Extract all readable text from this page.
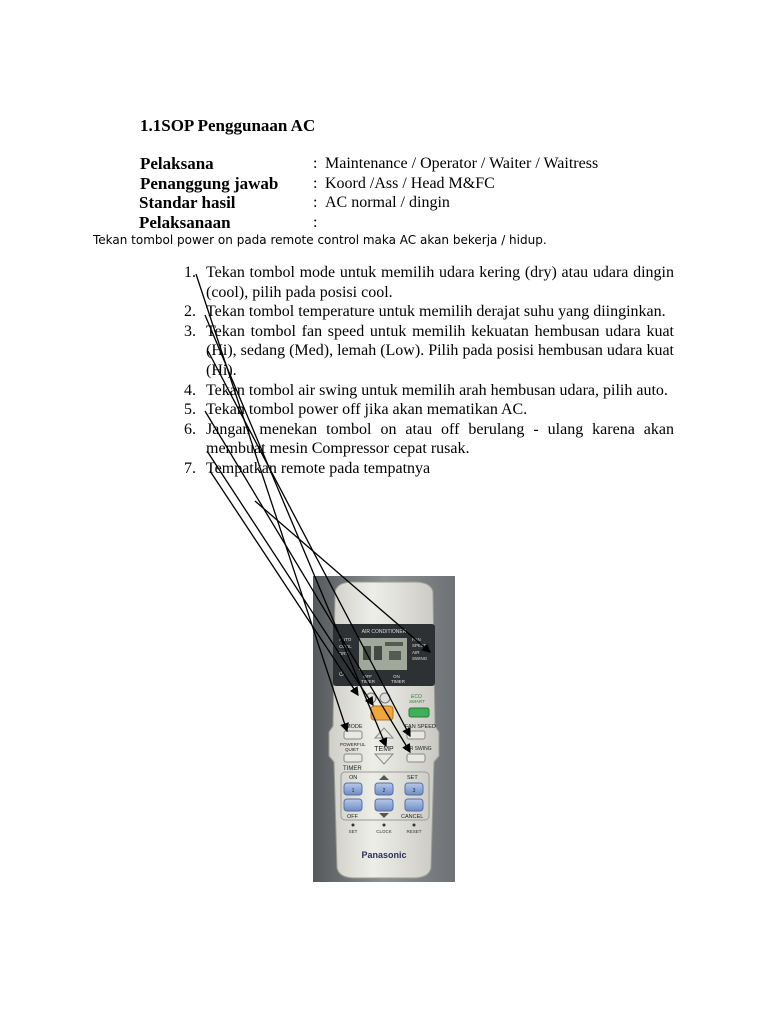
1.1SOP Penggunaan AC
Pelaksana	: Maintenance / Operator / Waiter / Waitress
Penanggung jawab : Koord /Ass / Head M&FC
Standar hasil	: AC normal / dingin
Pelaksanaan	:
Tekan tombol power on pada remote control maka AC akan bekerja / hidup.
1. Tekan tombol mode untuk memilih udara kering (dry) atau udara dingin (cool), pilih pada posisi cool.
2. Tekan tombol temperature untuk memilih derajat suhu yang diinginkan.
3. Tekan tombol fan speed untuk memilih kekuatan hembusan udara kuat (Hi), sedang (Med), lemah (Low). Pilih pada posisi hembusan udara kuat (Hi).
4. Tekan tombol air swing untuk memilih arah hembusan udara, pilih auto.
5. Tekan tombol power off jika akan mematikan AC.
6. Jangan menekan tombol on atau off berulang - ulang karena akan membuat mesin Compressor cepat rusak.
7. Tempatkan remote pada tempatnya
AIR CONDITIONER
AUTO
COOL
DRY
FAN
SPEED
AIR
SWING
OFF
TIMER
ON
TIMER
⏻
ECO
SMART
MODE
POWERFUL
QUIET TEMP
FAN SPEED
AIR SWING
TIMER
ON	SET
1	2	3
OFF	CANCEL
SET	CLOCK	RESET
Panasonic
